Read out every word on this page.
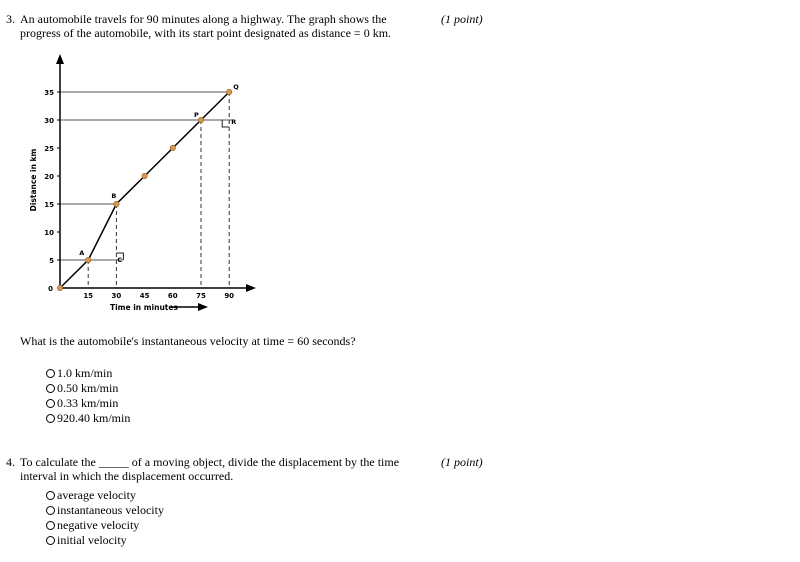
3. An automobile travels for 90 minutes along a highway. The graph shows the progress of the automobile, with its start point designated as distance = 0 km.
(1 point)
5
10
15
20
25
30
35
15	30	45	60	75	90
0
Time in minutes
Distance in km
A
B
P
Q
C
R
What is the automobile's instantaneous velocity at time = 60 seconds?
1.0 km/min
0.50 km/min
0.33 km/min
920.40 km/min
4. To calculate the _____ of a moving object, divide the displacement by the time interval in which the displacement occurred.
(1 point)
average velocity
instantaneous velocity
negative velocity
initial velocity
